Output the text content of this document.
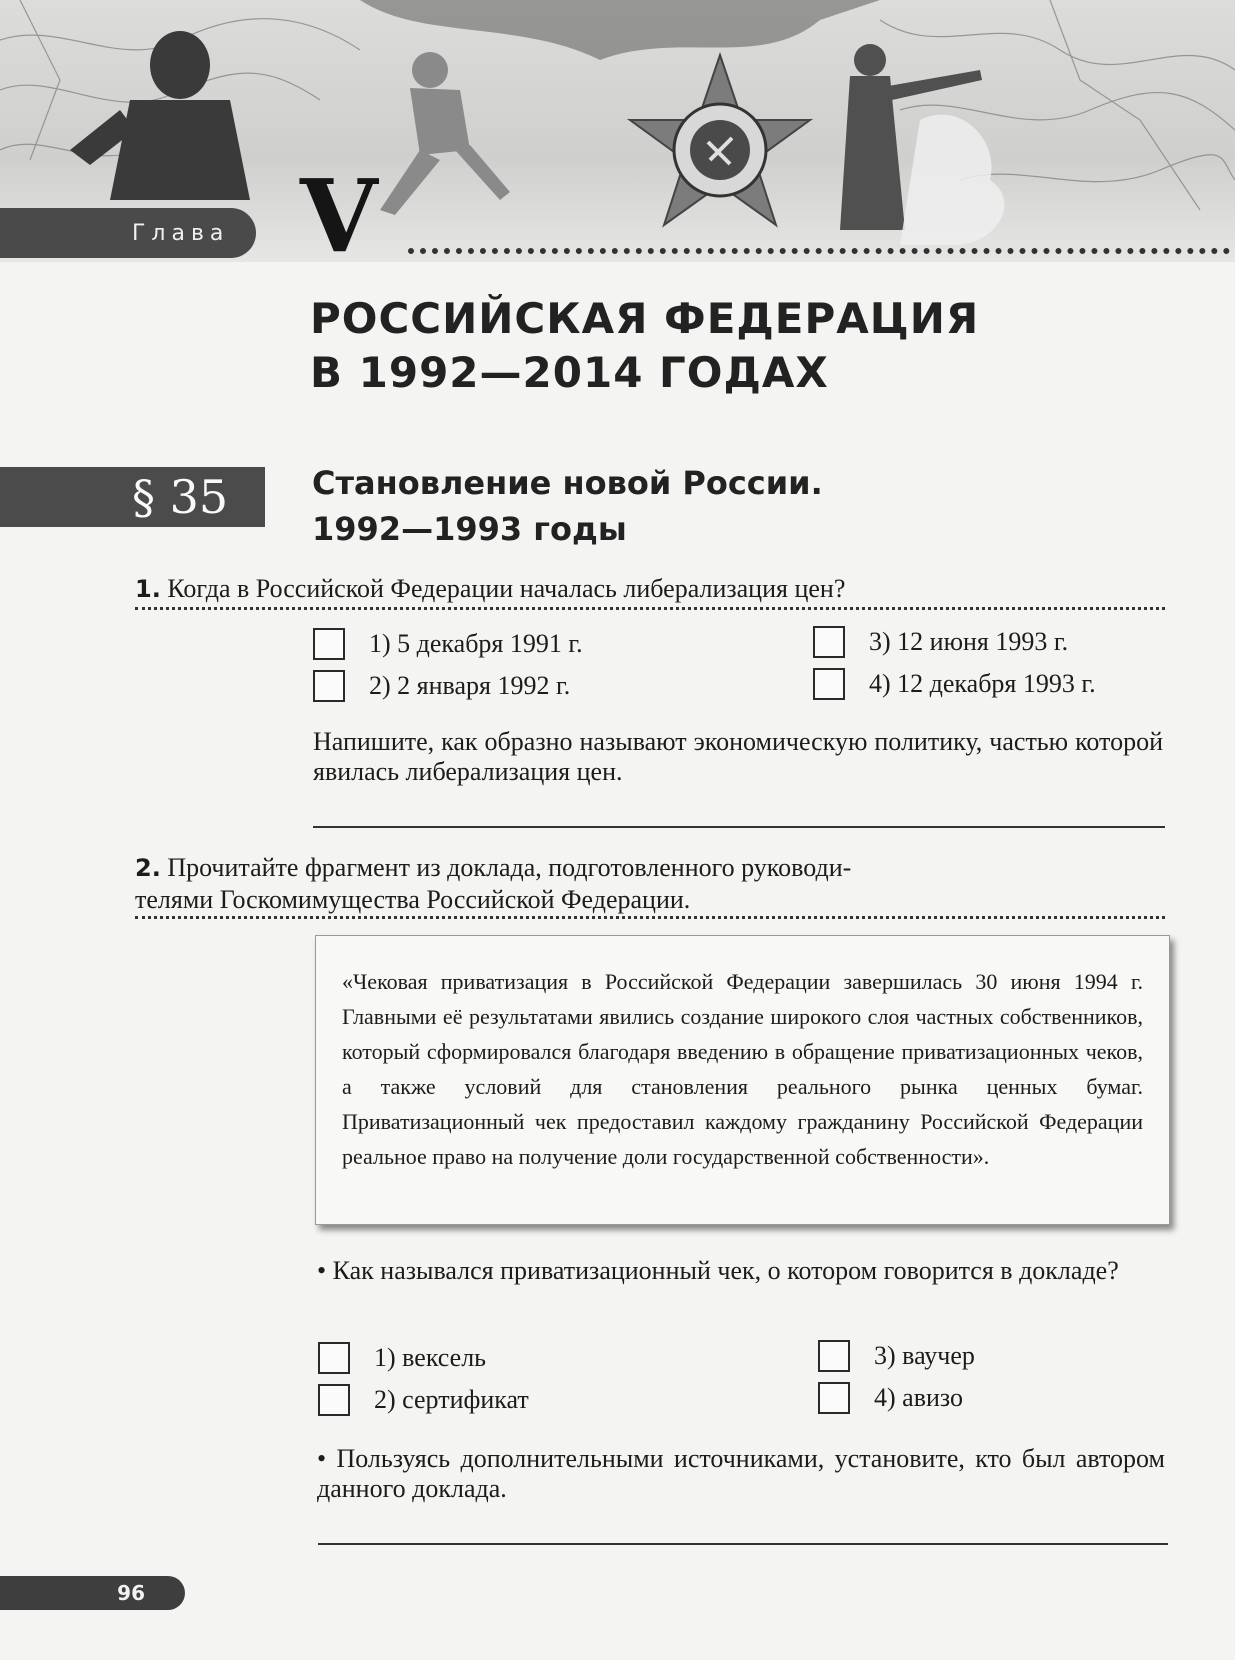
Глава V
РОССИЙСКАЯ ФЕДЕРАЦИЯ
В 1992—2014 ГОДАХ
§ 35	Становление новой России.
1992—1993 годы

1. Когда в Российской Федерации началась либерализация цен?

1) 5 декабря 1991 г.
2) 2 января 1992 г.
3) 12 июня 1993 г.
4) 12 декабря 1993 г.

Напишите, как образно называют экономическую политику, частью которой явилась либерализация цен.

2. Прочитайте фрагмент из доклада, подготовленного руководи-
телями Госкомимущества Российской Федерации.

«Чековая приватизация в Российской Федерации завершилась 30 июня 1994 г. Главными её результатами явились создание широкого слоя частных собственников, который сформировался благодаря введению в обращение приватизационных чеков, а также условий для становления реального рынка ценных бумаг. Приватизационный чек предоставил каждому гражданину Российской Федерации реальное право на получение доли государственной собственности».

• Как назывался приватизационный чек, о котором говорится в докладе?

1) вексель
2) сертификат
3) ваучер
4) авизо

• Пользуясь дополнительными источниками, установите, кто был автором данного доклада.

96
